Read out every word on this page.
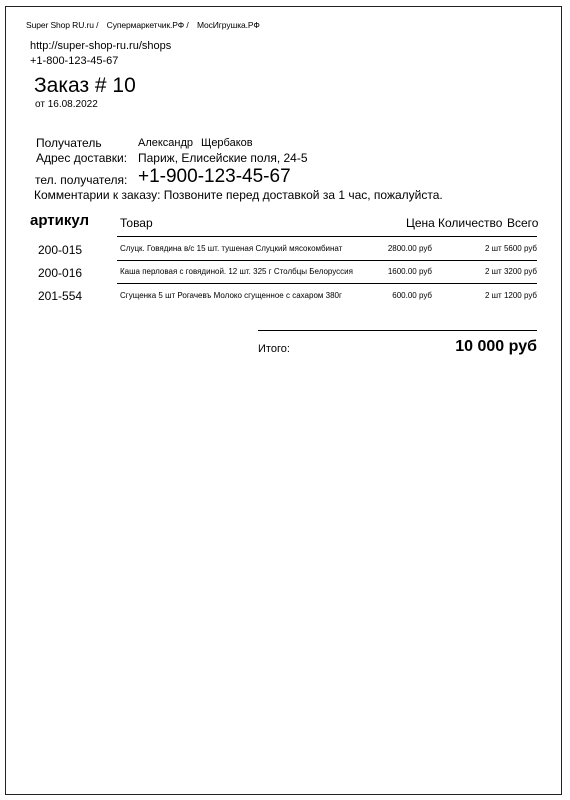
Super Shop RU.ru / Супермаркетчик.РФ / МосИгрушка.РФ
http://super-shop-ru.ru/shops
+1-800-123-45-67
Заказ # 10
от 16.08.2022
Получатель	Александр Щербаков
Адрес доставки: Париж, Елисейские поля, 24-5
тел. получателя: +1-900-123-45-67
Комментарии к заказу: Позвоните перед доставкой за 1 час, пожалуйста.
артикул	Товар	Цена Количество Всего
200-015	Слуцк. Говядина в/с 15 шт. тушеная Слуцкий мясокомбинат	2800.00 руб	2 шт 5600 руб
200-016	Каша перловая с говядиной. 12 шт. 325 г Столбцы Белоруссия	1600.00 руб	2 шт 3200 руб
201-554	Сгущенка 5 шт Рогачевъ Молоко сгущенное с сахаром 380г	600.00 руб	2 шт 1200 руб
Итого:	10 000 руб
